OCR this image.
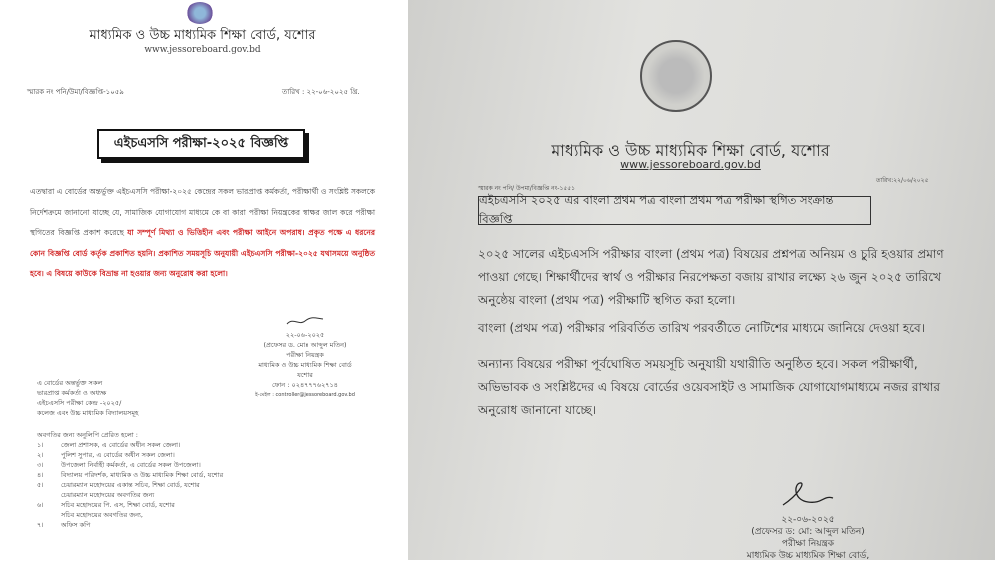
মাধ্যমিক ও উচ্চ মাধ্যমিক শিক্ষা বোর্ড, যশোর
www.jessoreboard.gov.bd
স্মারক নং পনি/উমা/বিজ্ঞপ্তি-১০৫৯	তারিখ : ২২-০৬-২০২৫ খ্রি.
এইচএসসি পরীক্ষা-২০২৫ বিজ্ঞপ্তি
এতদ্বারা এ বোর্ডের অন্তর্ভুক্ত এইচএসসি পরীক্ষা-২০২৫ কেন্দ্রের সকল ভারপ্রাপ্ত কর্মকর্তা, পরীক্ষার্থী ও সংশ্লিষ্ট সকলকে নির্দেশক্রমে জানানো যাচ্ছে যে, সামাজিক যোগাযোগ মাধ্যমে কে বা কারা পরীক্ষা নিয়ন্ত্রকের স্বাক্ষর জাল করে পরীক্ষা স্থগিতের বিজ্ঞপ্তি প্রকাশ করেছে যা সম্পূর্ণ মিথ্যা ও ভিত্তিহীন এবং পরীক্ষা আইনে অপরাধ। প্রকৃত পক্ষে এ ধরনের কোন বিজ্ঞপ্তি বোর্ড কর্তৃক প্রকাশিত হয়নি। প্রকাশিত সময়সূচি অনুযায়ী এইচএসসি পরীক্ষা-২০২৫ যথাসময়ে অনুষ্ঠিত হবে। এ বিষয়ে কাউকে বিভ্রান্ত না হওয়ার জন্য অনুরোধ করা হলো।
২২-০৬-২০২৫
(প্রফেসর ড. মোঃ আব্দুল মতিন)
পরীক্ষা নিয়ন্ত্রক
মাধ্যমিক ও উচ্চ মাধ্যমিক শিক্ষা বোর্ড
যশোর
ফোন : ০২৪৭৭৭৬২৭১৪
ই-মেইল : controller@jessoreboard.gov.bd
এ বোর্ডের অন্তর্ভুক্ত সকল
ভারপ্রাপ্ত কর্মকর্তা ও অধ্যক্ষ
এইচএসসি পরীক্ষা কেন্দ্র -২০২৫/
কলেজ এবং উচ্চ মাধ্যমিক বিদ্যালয়সমূহ
অবগতির জন্য অনুলিপি প্রেরিত হলো :
১।	জেলা প্রশাসক, এ বোর্ডের অধীন সকল জেলা।
২।	পুলিশ সুপার, এ বোর্ডের অধীন সকল জেলা।
৩।	উপজেলা নির্বাহী কর্মকর্তা, এ বোর্ডের সকল উপজেলা।
৪।	বিদ্যালয় পরিদর্শক, মাধ্যমিক ও উচ্চ মাধ্যমিক শিক্ষা বোর্ড, যশোর
৫।	চেয়ারম্যান মহোদয়ের একান্ত সচিব, শিক্ষা বোর্ড, যশোর
চেয়ারম্যান মহোদয়ের অবগতির জন্য
৬।	সচিব মহোদয়ের পি. এস, শিক্ষা বোর্ড, যশোর
সচিব মহোদয়ের অবগতির জন্য,
৭।	অফিস কপি
মাধ্যমিক ও উচ্চ মাধ্যমিক শিক্ষা বোর্ড, যশোর
www.jessoreboard.gov.bd
স্মারক নং পনি/ উপমা/বিজ্ঞপ্তি নং-১৫৫১
তারিখ:২২/০৬/২০২৫
এইচএসসি ২০২৫ এর বাংলা প্রথম পত্র বাংলা প্রথম পত্র পরীক্ষা স্থগিত সংক্রান্ত বিজ্ঞপ্তি
২০২৫ সালের এইচএসসি পরীক্ষার বাংলা (প্রথম পত্র) বিষয়ের প্রশ্নপত্র অনিয়ম ও চুরি হওয়ার প্রমাণ পাওয়া গেছে। শিক্ষার্থীদের স্বার্থ ও পরীক্ষার নিরপেক্ষতা বজায় রাখার লক্ষ্যে ২৬ জুন ২০২৫ তারিখে অনুষ্ঠেয় বাংলা (প্রথম পত্র) পরীক্ষাটি স্থগিত করা হলো।
বাংলা (প্রথম পত্র) পরীক্ষার পরিবর্তিত তারিখ পরবর্তীতে নোটিশের মাধ্যমে জানিয়ে দেওয়া হবে।
অন্যান্য বিষয়ের পরীক্ষা পূর্বঘোষিত সময়সূচি অনুযায়ী যথারীতি অনুষ্ঠিত হবে। সকল পরীক্ষার্থী, অভিভাবক ও সংশ্লিষ্টদের এ বিষয়ে বোর্ডের ওয়েবসাইট ও সামাজিক যোগাযোগমাধ্যমে নজর রাখার অনুরোধ জানানো যাচ্ছে।
২২-০৬-২০২৫
(প্রফেসর ড: মো: আব্দুল মতিন)
পরীক্ষা নিয়ন্ত্রক
মাধ্যমিক উচ্চ মাধ্যমিক শিক্ষা বোর্ড,
